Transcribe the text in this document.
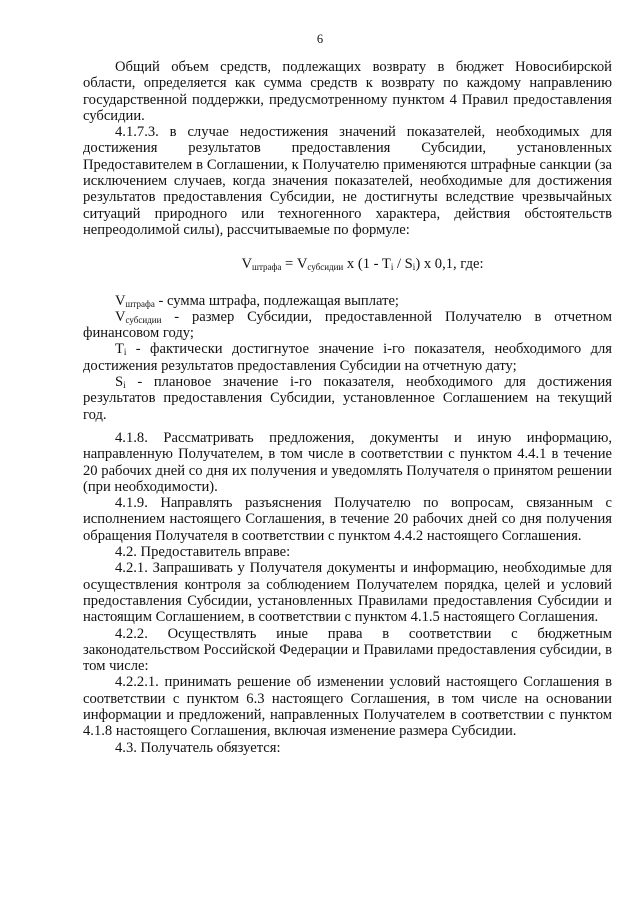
6

Общий объем средств, подлежащих возврату в бюджет Новосибирской области, определяется как сумма средств к возврату по каждому направлению государственной поддержки, предусмотренному пунктом 4 Правил предоставления субсидии.

4.1.7.3. в случае недостижения значений показателей, необходимых для достижения результатов предоставления Субсидии, установленных Предоставителем в Соглашении, к Получателю применяются штрафные санкции (за исключением случаев, когда значения показателей, необходимые для достижения результатов предоставления Субсидии, не достигнуты вследствие чрезвычайных ситуаций природного или техногенного характера, действия обстоятельств непреодолимой силы), рассчитываемые по формуле:

$V_{штрафа} = V_{субсидии}$ x $(1 - T_i / S_i)$ x 0,1, где:

$V_{штрафа}$ - сумма штрафа, подлежащая выплате;

$V_{субсидии}$ - размер Субсидии, предоставленной Получателю в отчетном финансовом году;

$T_i$ - фактически достигнутое значение i-го показателя, необходимого для достижения результатов предоставления Субсидии на отчетную дату;

$S_i$ - плановое значение i-го показателя, необходимого для достижения результатов предоставления Субсидии, установленное Соглашением на текущий год.

4.1.8. Рассматривать предложения, документы и иную информацию, направленную Получателем, в том числе в соответствии с пунктом 4.4.1 в течение 20 рабочих дней со дня их получения и уведомлять Получателя о принятом решении (при необходимости).

4.1.9. Направлять разъяснения Получателю по вопросам, связанным с исполнением настоящего Соглашения, в течение 20 рабочих дней со дня получения обращения Получателя в соответствии с пунктом 4.4.2 настоящего Соглашения.

4.2. Предоставитель вправе:

4.2.1. Запрашивать у Получателя документы и информацию, необходимые для осуществления контроля за соблюдением Получателем порядка, целей и условий предоставления Субсидии, установленных Правилами предоставления Субсидии и настоящим Соглашением, в соответствии с пунктом 4.1.5 настоящего Соглашения.

4.2.2. Осуществлять иные права в соответствии с бюджетным законодательством Российской Федерации и Правилами предоставления субсидии, в том числе:

4.2.2.1. принимать решение об изменении условий настоящего Соглашения в соответствии с пунктом 6.3 настоящего Соглашения, в том числе на основании информации и предложений, направленных Получателем в соответствии с пунктом 4.1.8 настоящего Соглашения, включая изменение размера Субсидии.

4.3. Получатель обязуется:
